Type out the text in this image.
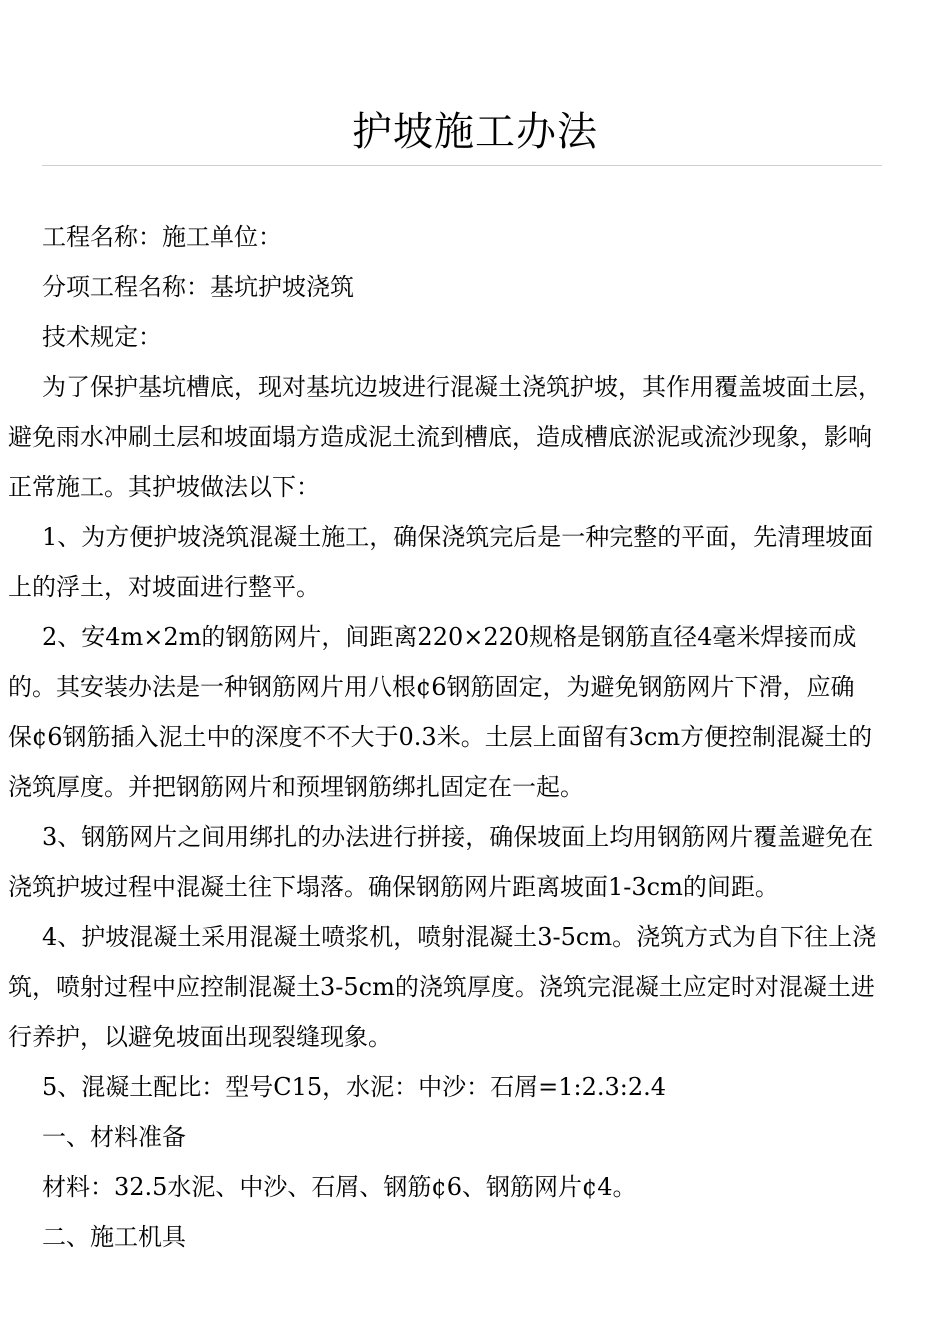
护坡施工办法

工程名称：施工单位：

分项工程名称：基坑护坡浇筑

技术规定：

为了保护基坑槽底，现对基坑边坡进行混凝土浇筑护坡，其作用覆盖坡面土层，避免雨水冲刷土层和坡面塌方造成泥土流到槽底，造成槽底淤泥或流沙现象，影响正常施工。其护坡做法以下：

1、为方便护坡浇筑混凝土施工，确保浇筑完后是一种完整的平面，先清理坡面上的浮土，对坡面进行整平。

2、安4m×2m的钢筋网片，间距离220×220规格是钢筋直径4毫米焊接而成的。其安装办法是一种钢筋网片用八根¢6钢筋固定，为避免钢筋网片下滑，应确保¢6钢筋插入泥土中的深度不不大于0.3米。土层上面留有3cm方便控制混凝土的浇筑厚度。并把钢筋网片和预埋钢筋绑扎固定在一起。

3、钢筋网片之间用绑扎的办法进行拼接，确保坡面上均用钢筋网片覆盖避免在浇筑护坡过程中混凝土往下塌落。确保钢筋网片距离坡面1-3cm的间距。

4、护坡混凝土采用混凝土喷浆机，喷射混凝土3-5cm。浇筑方式为自下往上浇筑，喷射过程中应控制混凝土3-5cm的浇筑厚度。浇筑完混凝土应定时对混凝土进行养护，以避免坡面出现裂缝现象。

5、混凝土配比：型号C15，水泥：中沙：石屑=1:2.3:2.4

一、材料准备

材料：32.5水泥、中沙、石屑、钢筋¢6、钢筋网片¢4。

二、施工机具
